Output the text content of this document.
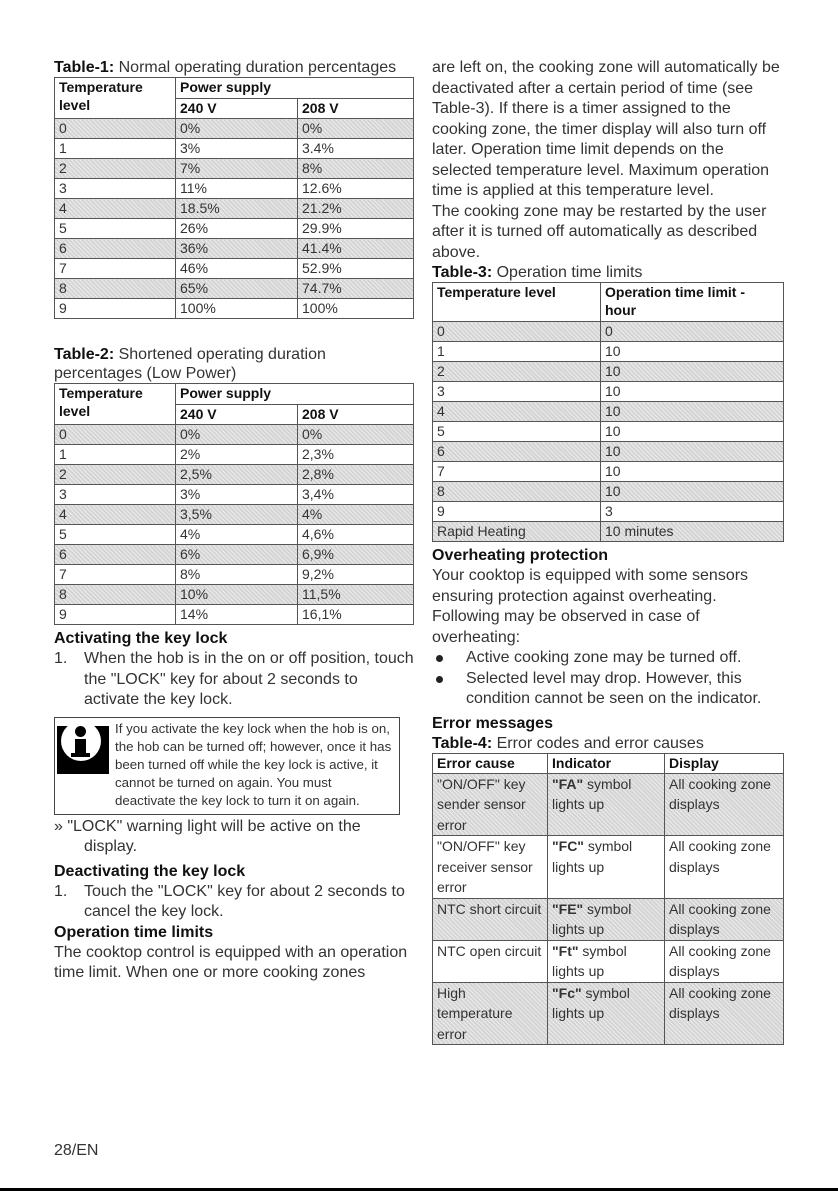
Table-1: Normal operating duration percentages

Temperature level	Power supply	
	240 V	208 V
0	0%	0%
1	3%	3.4%
2	7%	8%
3	11%	12.6%
4	18.5%	21.2%
5	26%	29.9%
6	36%	41.4%
7	46%	52.9%
8	65%	74.7%
9	100%	100%

Table-2: Shortened operating duration
percentages (Low Power)

Temperature level	Power supply	
	240 V	208 V
0	0%	0%
1	2%	2,3%
2	2,5%	2,8%
3	3%	3,4%
4	3,5%	4%
5	4%	4,6%
6	6%	6,9%
7	8%	9,2%
8	10%	11,5%
9	14%	16,1%
Activating the key lock
1. When the hob is in the on or off position, touch the "LOCK" key for about 2 seconds to activate the key lock.
If you activate the key lock when the hob is on, the hob can be turned off; however, once it has been turned off while the key lock is active, it cannot be turned on again. You must deactivate the key lock to turn it on again.
» "LOCK" warning light will be active on the display.
Deactivating the key lock
1. Touch the "LOCK" key for about 2 seconds to cancel the key lock.
Operation time limits

The cooktop control is equipped with an operation time limit. When one or more cooking zones

are left on, the cooking zone will automatically be deactivated after a certain period of time (see Table-3). If there is a timer assigned to the cooking zone, the timer display will also turn off later. Operation time limit depends on the selected temperature level. Maximum operation time is applied at this temperature level.

The cooking zone may be restarted by the user after it is turned off automatically as described above.

Table-3: Operation time limits

Temperature level	Operation time limit - hour
0	0
1	10
2	10
3	10
4	10
5	10
6	10
7	10
8	10
9	3
Rapid Heating	10 minutes
Overheating protection

Your cooktop is equipped with some sensors ensuring protection against overheating. Following may be observed in case of overheating:

Active cooking zone may be turned off.
Selected level may drop. However, this condition cannot be seen on the indicator.
Error messages

Table-4: Error codes and error causes

Error cause	Indicator	Display
"ON/OFF" key sender sensor error	"FA" symbol lights up	All cooking zone displays
"ON/OFF" key receiver sensor error	"FC" symbol lights up	All cooking zone displays
NTC short circuit	"FE" symbol lights up	All cooking zone displays
NTC open circuit	"Ft" symbol lights up	All cooking zone displays
High temperature error	"Fc" symbol lights up	All cooking zone displays
28/EN
